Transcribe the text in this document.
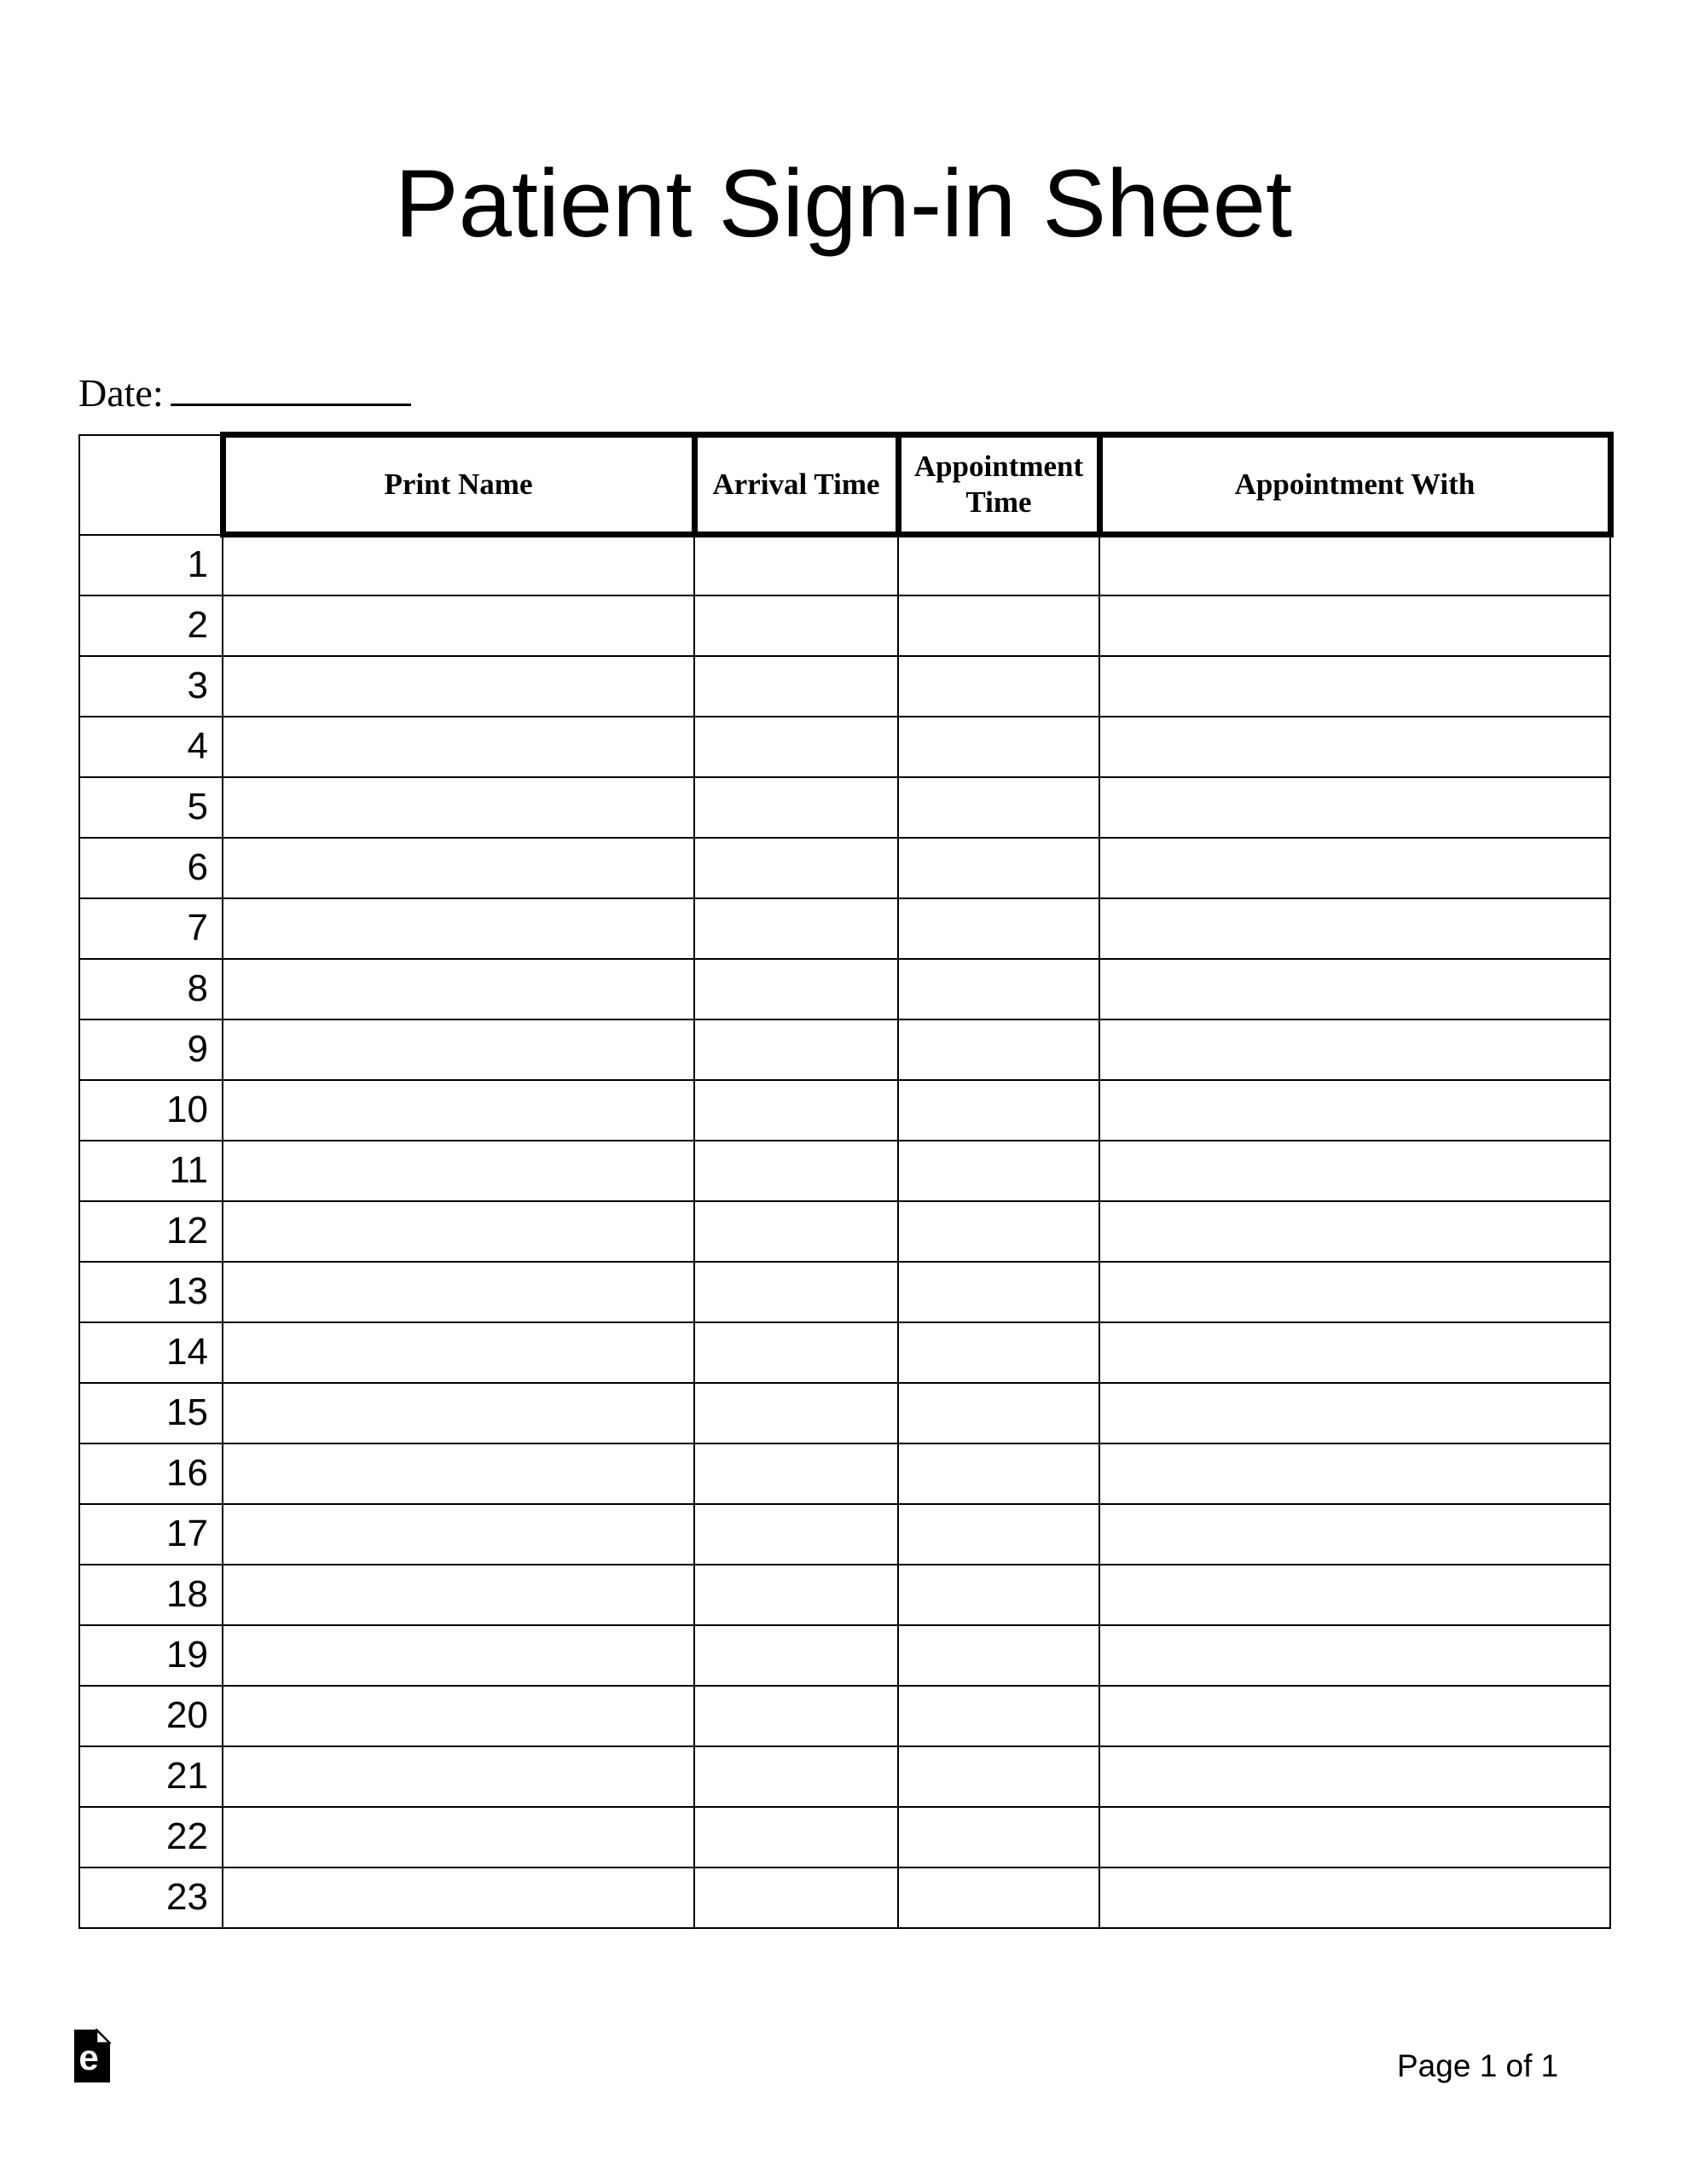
Patient Sign-in Sheet
Date:
	Print Name	Arrival Time	Appointment Time	Appointment With
1				
2				
3				
4				
5				
6				
7				
8				
9				
10				
11				
12				
13				
14				
15				
16				
17				
18				
19				
20				
21				
22				
23				
e	Page 1 of 1
